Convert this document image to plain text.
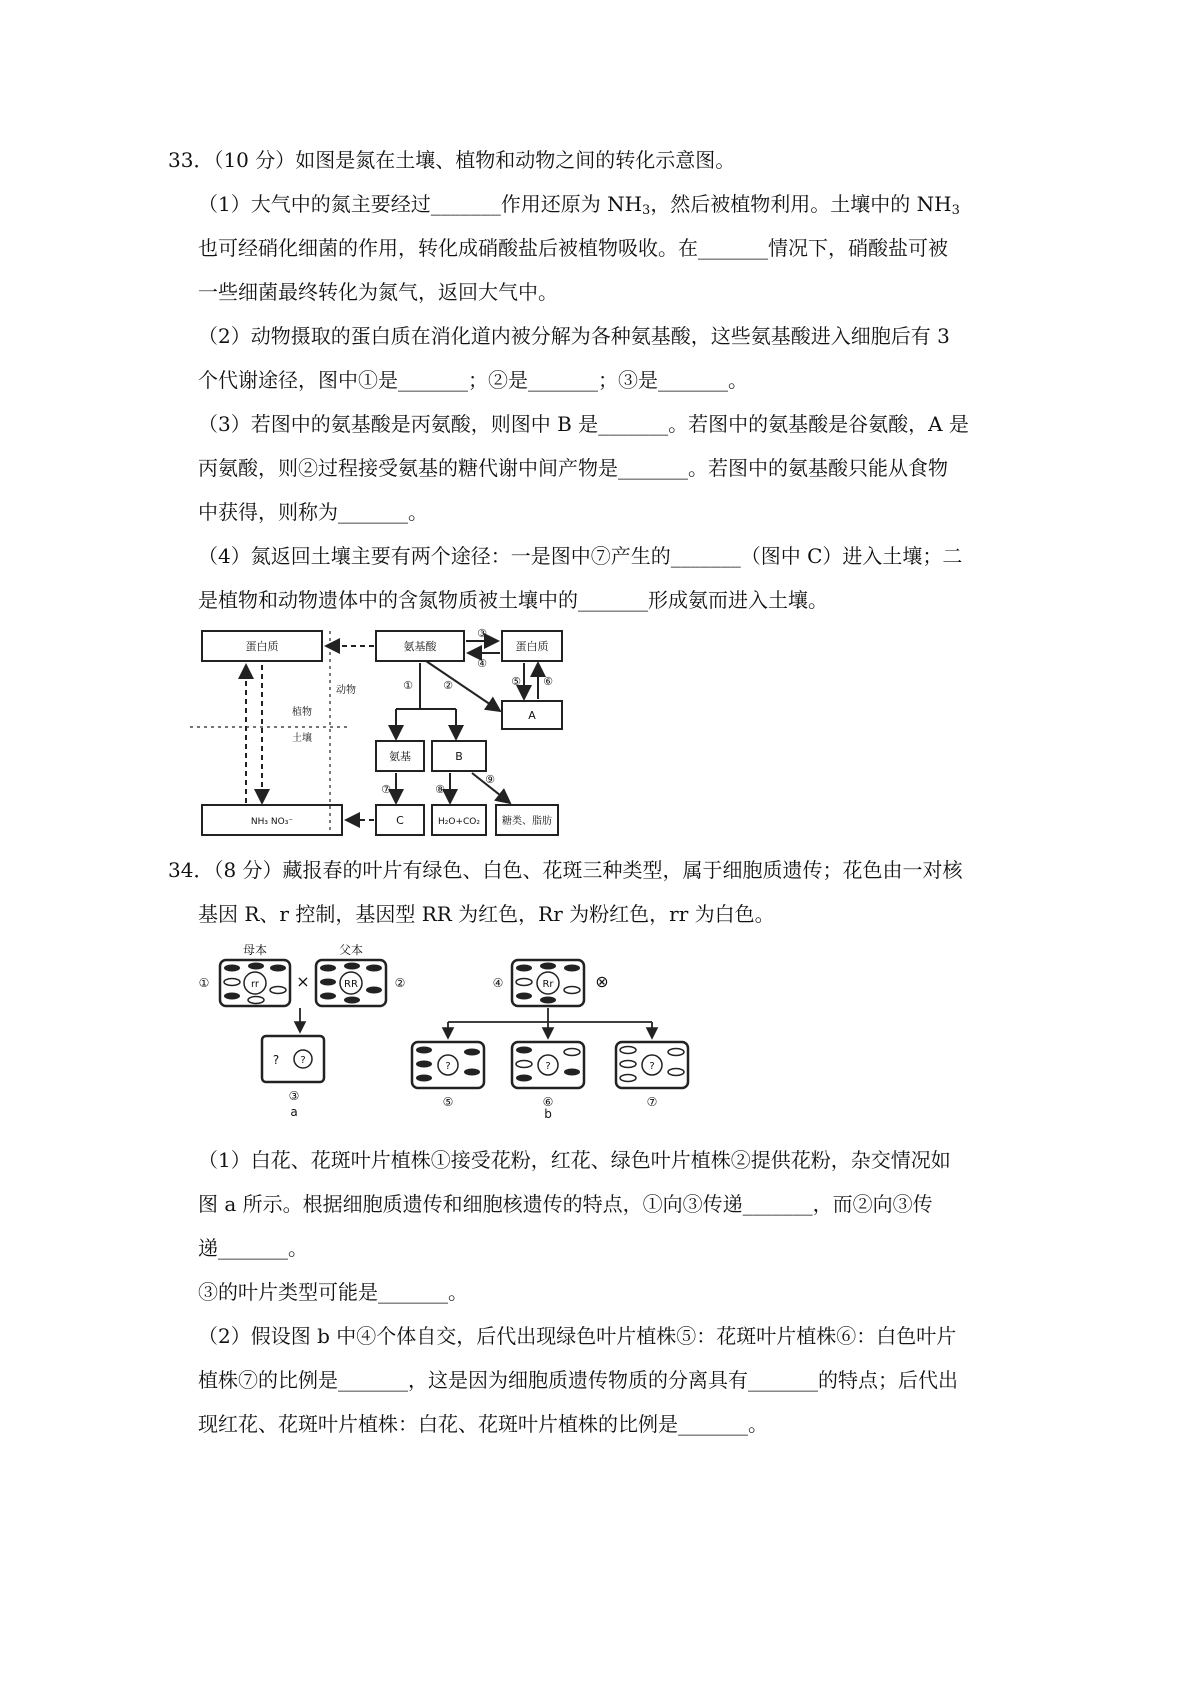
33．（10 分）如图是氮在土壤、植物和动物之间的转化示意图。
（1）大气中的氮主要经过_______作用还原为 $NH_3$，然后被植物利用。土壤中的 $NH_3$
也可经硝化细菌的作用，转化成硝酸盐后被植物吸收。在_______情况下，硝酸盐可被
一些细菌最终转化为氮气，返回大气中。
（2）动物摄取的蛋白质在消化道内被分解为各种氨基酸，这些氨基酸进入细胞后有 3
个代谢途径，图中①是_______；②是_______；③是_______。
（3）若图中的氨基酸是丙氨酸，则图中 B 是_______。若图中的氨基酸是谷氨酸，A 是
丙氨酸，则②过程接受氨基的糖代谢中间产物是_______。若图中的氨基酸只能从食物
中获得，则称为_______。
（4）氮返回土壤主要有两个途径：一是图中⑦产生的_______（图中 C）进入土壤；二
是植物和动物遗体中的含氮物质被土壤中的_______形成氨而进入土壤。
蛋白质	氨基酸	蛋白质
A
氨基	B
C	H₂O+CO₂ 糖类、脂肪
NH₃ NO₃⁻
植物
土壤
动物
③
④
①	②	⑤ ⑥
⑦	⑧
⑨
34．（8 分）藏报春的叶片有绿色、白色、花斑三种类型，属于细胞质遗传；花色由一对核
基因 R、r 控制，基因型 RR 为红色，Rr 为粉红色，rr 为白色。
母本	父本
rr	RR	Rr
×	⊗
①	②	④
? ?
?	?	?
③
a
⑤	⑥	⑦
b
（1）白花、花斑叶片植株①接受花粉，红花、绿色叶片植株②提供花粉，杂交情况如
图 a 所示。根据细胞质遗传和细胞核遗传的特点，①向③传递_______，而②向③传
递_______。
③的叶片类型可能是_______。
（2）假设图 b 中④个体自交，后代出现绿色叶片植株⑤：花斑叶片植株⑥：白色叶片
植株⑦的比例是_______，这是因为细胞质遗传物质的分离具有_______的特点；后代出
现红花、花斑叶片植株：白花、花斑叶片植株的比例是_______。
